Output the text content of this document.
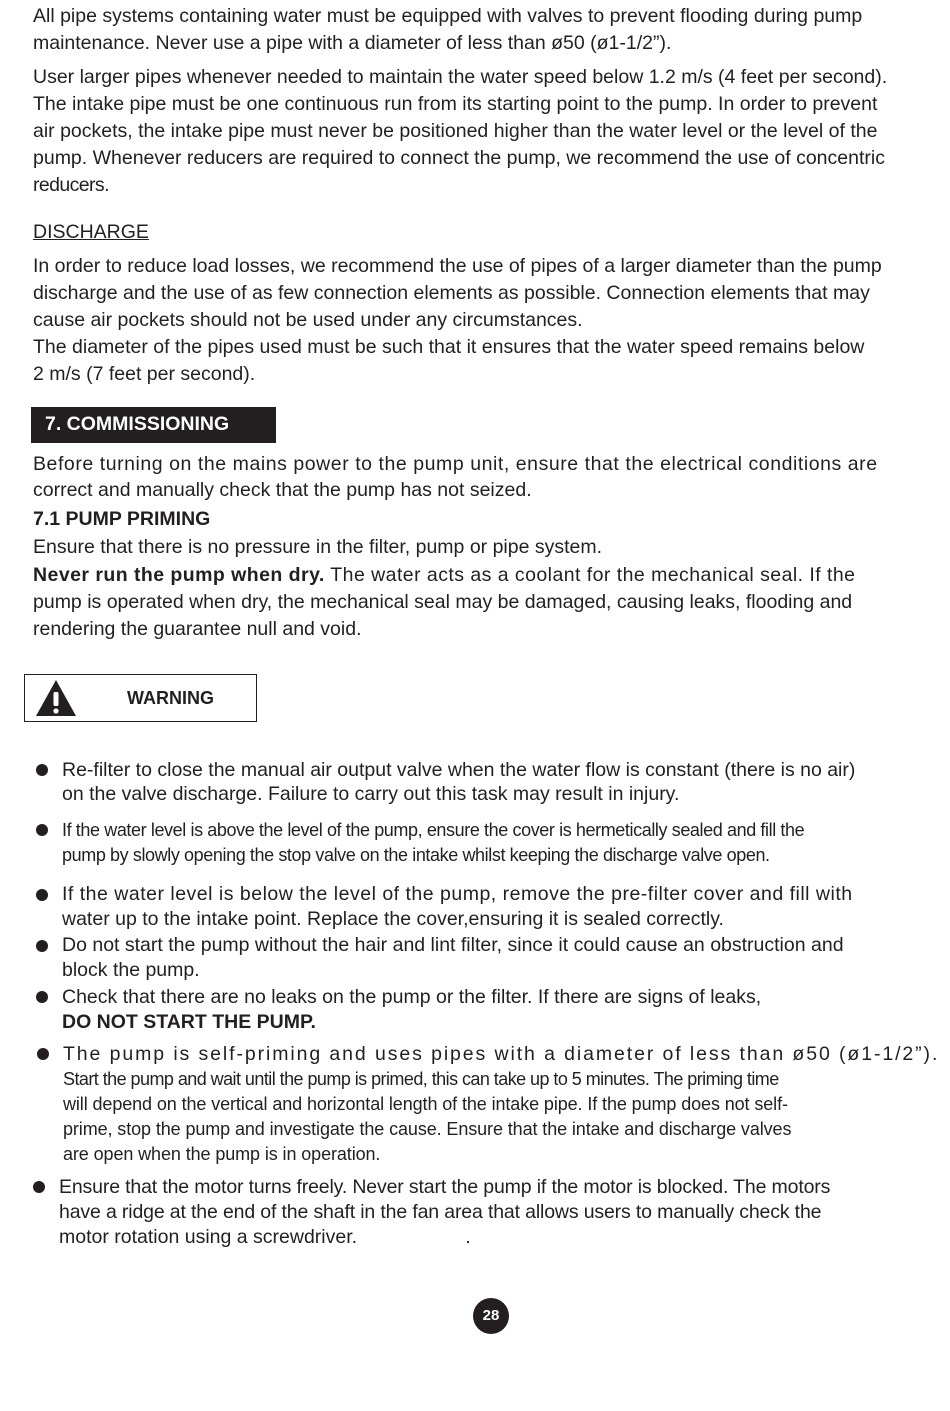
All pipe systems containing water must be equipped with valves to prevent flooding during pump
maintenance. Never use a pipe with a diameter of less than ø50 (ø1-1/2”).
User larger pipes whenever needed to maintain the water speed below 1.2 m/s (4 feet per second).
The intake pipe must be one continuous run from its starting point to the pump. In order to prevent
air pockets, the intake pipe must never be positioned higher than the water level or the level of the
pump. Whenever reducers are required to connect the pump, we recommend the use of concentric
reducers.
DISCHARGE
In order to reduce load losses, we recommend the use of pipes of a larger diameter than the pump
discharge and the use of as few connection elements as possible. Connection elements that may
cause air pockets should not be used under any circumstances.
The diameter of the pipes used must be such that it ensures that the water speed remains below
2 m/s (7 feet per second).
7. COMMISSIONING
Before turning on the mains power to the pump unit, ensure that the electrical conditions are
correct and manually check that the pump has not seized.
7.1 PUMP PRIMING
Ensure that there is no pressure in the filter, pump or pipe system.
Never run the pump when dry. The water acts as a coolant for the mechanical seal. If the
pump is operated when dry, the mechanical seal may be damaged, causing leaks, flooding and
rendering the guarantee null and void.
WARNING
Re-filter to close the manual air output valve when the water flow is constant (there is no air)
on the valve discharge. Failure to carry out this task may result in injury.
If the water level is above the level of the pump, ensure the cover is hermetically sealed and fill the
pump by slowly opening the stop valve on the intake whilst keeping the discharge valve open.
If the water level is below the level of the pump, remove the pre-filter cover and fill with
water up to the intake point. Replace the cover,ensuring it is sealed correctly.
Do not start the pump without the hair and lint filter, since it could cause an obstruction and
block the pump.
Check that there are no leaks on the pump or the filter. If there are signs of leaks,
DO NOT START THE PUMP.
The pump is self-priming and uses pipes with a diameter of less than ø50 (ø1-1/2”).
Start the pump and wait until the pump is primed, this can take up to 5 minutes. The priming time
will depend on the vertical and horizontal length of the intake pipe. If the pump does not self-
prime, stop the pump and investigate the cause. Ensure that the intake and discharge valves
are open when the pump is in operation.
Ensure that the motor turns freely. Never start the pump if the motor is blocked. The motors
have a ridge at the end of the shaft in the fan area that allows users to manually check the
motor rotation using a screwdriver.                    .
28
